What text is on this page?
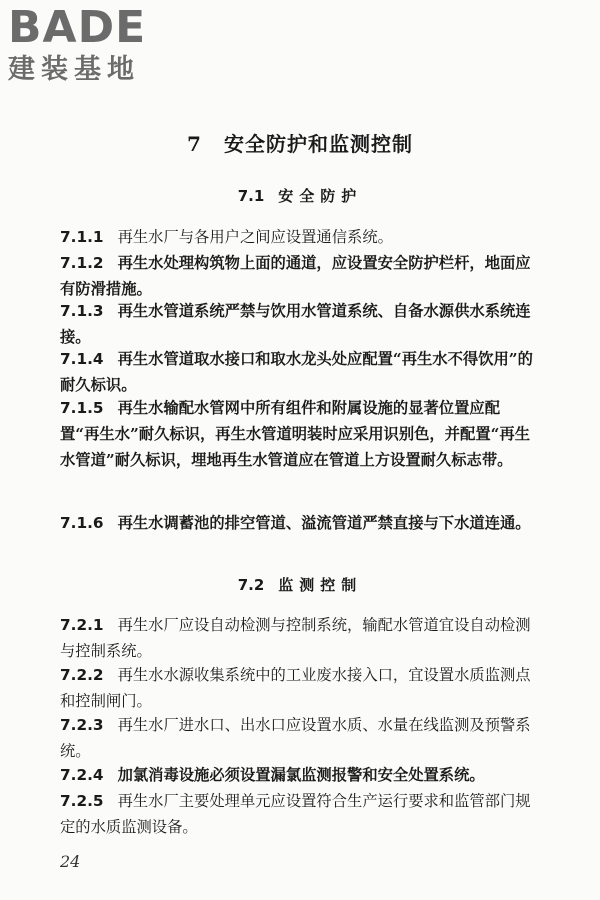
BADE
建装基地
7 安全防护和监测控制
7.1 安全防护
7.1.1 再生水厂与各用户之间应设置通信系统。
7.1.2 再生水处理构筑物上面的通道，应设置安全防护栏杆，地面应有防滑措施。
7.1.3 再生水管道系统严禁与饮用水管道系统、自备水源供水系统连接。
7.1.4 再生水管道取水接口和取水龙头处应配置“再生水不得饮用”的耐久标识。
7.1.5 再生水输配水管网中所有组件和附属设施的显著位置应配置“再生水”耐久标识，再生水管道明装时应采用识别色，并配置“再生水管道”耐久标识，埋地再生水管道应在管道上方设置耐久标志带。
7.1.6 再生水调蓄池的排空管道、溢流管道严禁直接与下水道连通。
7.2 监测控制
7.2.1 再生水厂应设自动检测与控制系统，输配水管道宜设自动检测与控制系统。
7.2.2 再生水水源收集系统中的工业废水接入口，宜设置水质监测点和控制闸门。
7.2.3 再生水厂进水口、出水口应设置水质、水量在线监测及预警系统。
7.2.4 加氯消毒设施必须设置漏氯监测报警和安全处置系统。
7.2.5 再生水厂主要处理单元应设置符合生产运行要求和监管部门规定的水质监测设备。
24
